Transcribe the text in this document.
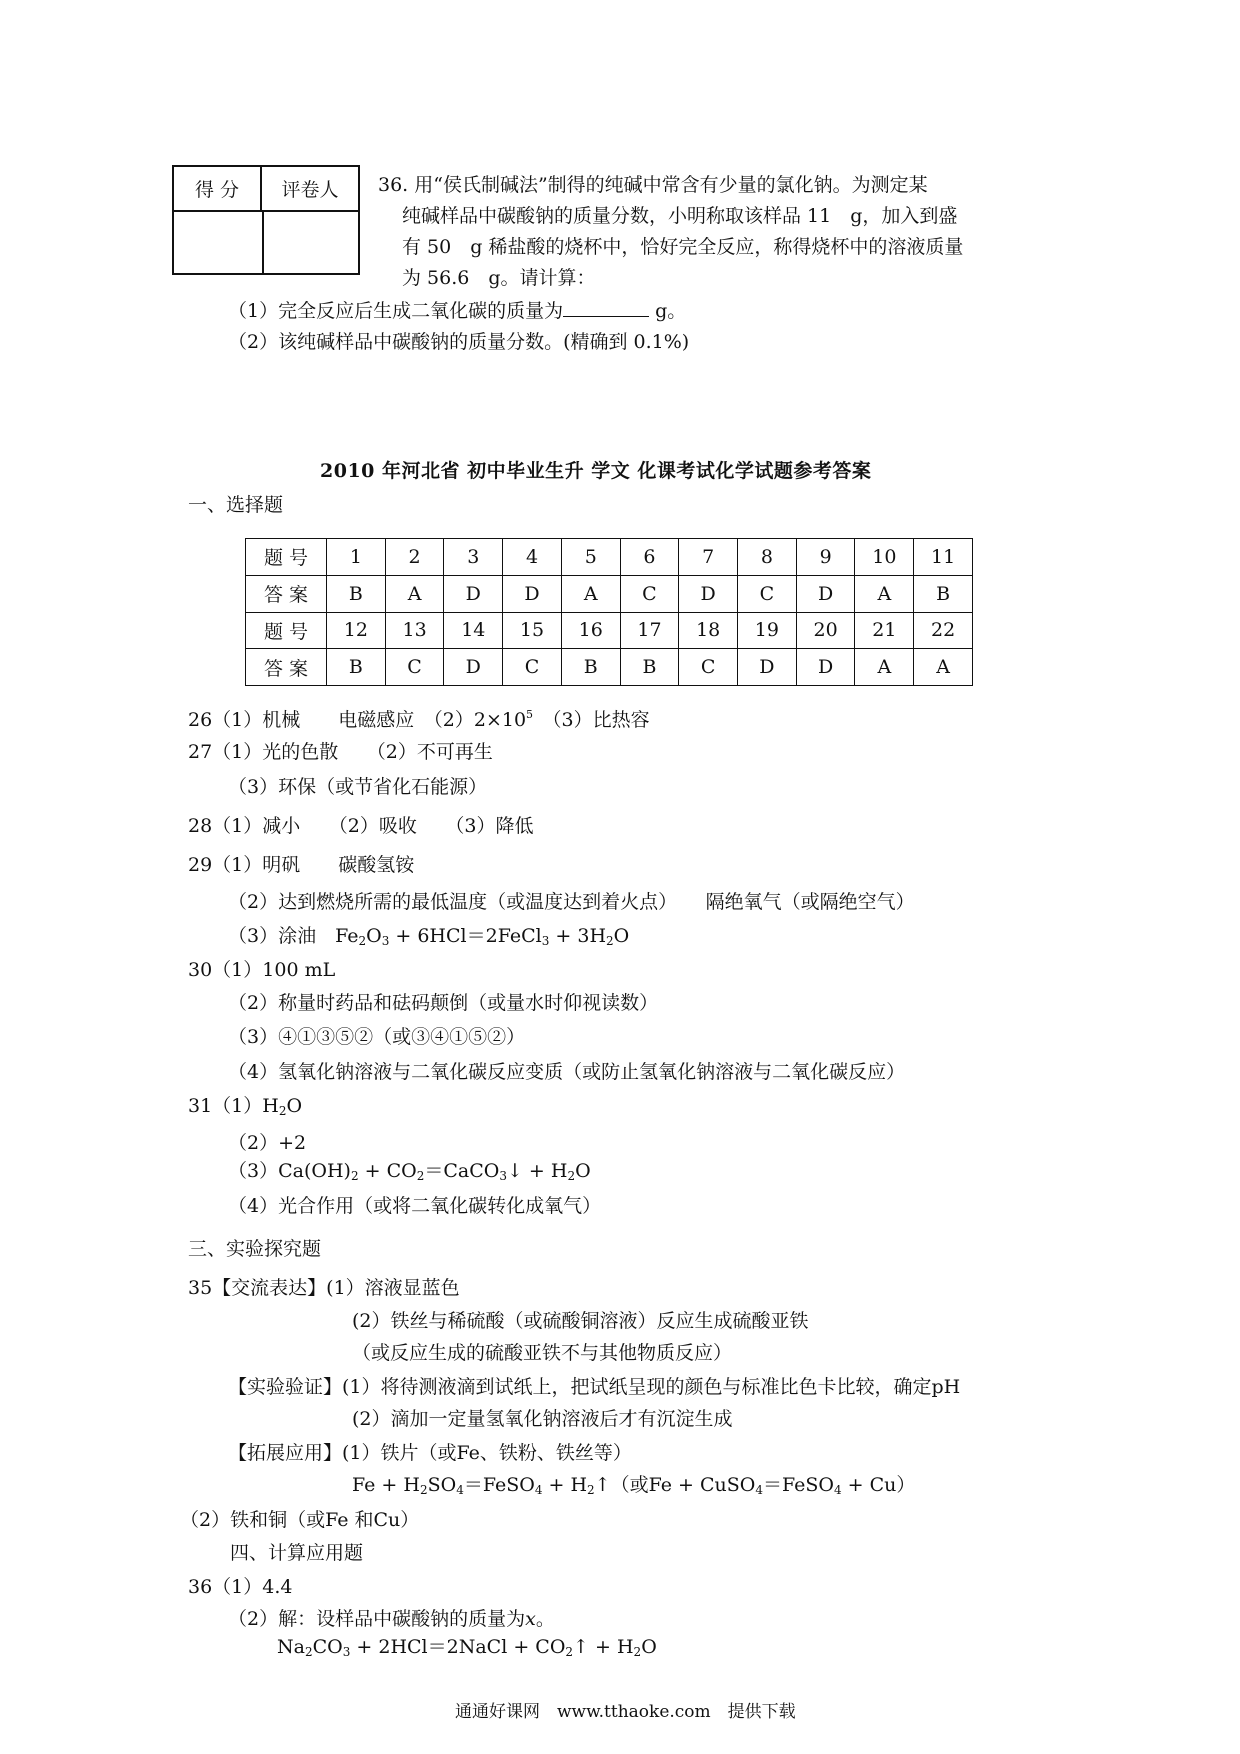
得 分	评卷人	36. 用“侯氏制碱法”制得的纯碱中常含有少量的氯化钠。为测定某
纯碱样品中碳酸钠的质量分数，小明称取该样品 11　g，加入到盛
有 50　g 稀盐酸的烧杯中，恰好完全反应，称得烧杯中的溶液质量
为 56.6　g。请计算：
（1）完全反应后生成二氧化碳的质量为	g。
（2）该纯碱样品中碳酸钠的质量分数。(精确到 0.1%)
2010 年河北省 初中毕业生升 学文 化课考试化学试题参考答案
一、选择题
题 号	1	2	3	4	5	6	7	8	9	10	11
答 案	B	A	D	D	A	C	D	C	D	A	B
题 号	12	13	14	15	16	17	18	19	20	21	22
答 案	B	C	D	C	B	B	C	D	D	A	A
26（1）机械　　电磁感应　$(2)2\times 10^5$　（3）比热容
27（1）光的色散　　（2）不可再生
（3）环保（或节省化石能源）
28（1）减小　　（2）吸收　　（3）降低
29（1）明矾　　碳酸氢铵
（2）达到燃烧所需的最低温度（或温度达到着火点）　　隔绝氧气（或隔绝空气）
（3）涂油　$Fe_2O_3$ + 6HCl＝2FeCl$_3$ + $3H_2O$
30（1）100 mL
（2）称量时药品和砝码颠倒（或量水时仰视读数）
（3）④①③⑤②（或③④①⑤②）
（4）氢氧化钠溶液与二氧化碳反应变质（或防止氢氧化钠溶液与二氧化碳反应）
$31(1)H_2O$
（2）+2
$(3)Ca(OH)_2$ + $CO_2=CaCO_3↓ + H_2O$
（4）光合作用（或将二氧化碳转化成氧气）
三、实验探究题
35【交流表达】(1）溶液显蓝色
(2）铁丝与稀硫酸（或硫酸铜溶液）反应生成硫酸亚铁
（或反应生成的硫酸亚铁不与其他物质反应）
【实验验证】(1）将待测液滴到试纸上，把试纸呈现的颜色与标准比色卡比较，确定pH
(2）滴加一定量氢氧化钠溶液后才有沉淀生成
【拓展应用】(1）铁片（或Fe、铁粉、铁丝等）
$Fe + H_2SO_4=FeSO_4$ + $H_2↑$（或Fe + CuSO$_4$＝FeSO$_4$ + Cu）
（2）铁和铜（或Fe 和Cu）
四、计算应用题
36（1）4.4
（2）解：设样品中碳酸钠的质量为x。
$Na_2CO_3$ + 2HCl＝2NaCl + $CO_2↑ + H_2O$
通通好课网　www.tthaoke.com　提供下载
